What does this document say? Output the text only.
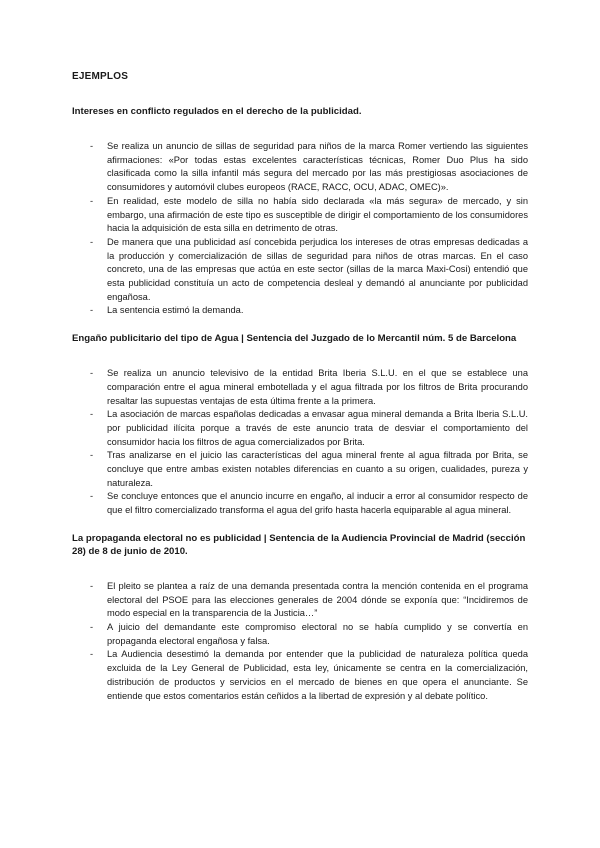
EJEMPLOS
Intereses en conflicto regulados en el derecho de la publicidad.
- Se realiza un anuncio de sillas de seguridad para niños de la marca Romer vertiendo las siguientes afirmaciones: «Por todas estas excelentes características técnicas, Romer Duo Plus ha sido clasificada como la silla infantil más segura del mercado por las más prestigiosas asociaciones de consumidores y automóvil clubes europeos (RACE, RACC, OCU, ADAC, OMEC)».
- En realidad, este modelo de silla no había sido declarada «la más segura» de mercado, y sin embargo, una afirmación de este tipo es susceptible de dirigir el comportamiento de los consumidores hacia la adquisición de esta silla en detrimento de otras.
- De manera que una publicidad así concebida perjudica los intereses de otras empresas dedicadas a la producción y comercialización de sillas de seguridad para niños de otras marcas. En el caso concreto, una de las empresas que actúa en este sector (sillas de la marca Maxi-Cosi) entendió que esta publicidad constituía un acto de competencia desleal y demandó al anunciante por publicidad engañosa.
- La sentencia estimó la demanda.
Engaño publicitario del tipo de Agua | Sentencia del Juzgado de lo Mercantil núm. 5 de Barcelona
- Se realiza un anuncio televisivo de la entidad Brita Iberia S.L.U. en el que se establece una comparación entre el agua mineral embotellada y el agua filtrada por los filtros de Brita procurando resaltar las supuestas ventajas de esta última frente a la primera.
- La asociación de marcas españolas dedicadas a envasar agua mineral demanda a Brita Iberia S.L.U. por publicidad ilícita porque a través de este anuncio trata de desviar el comportamiento del consumidor hacia los filtros de agua comercializados por Brita.
- Tras analizarse en el juicio las características del agua mineral frente al agua filtrada por Brita, se concluye que entre ambas existen notables diferencias en cuanto a su origen, cualidades, pureza y naturaleza.
- Se concluye entonces que el anuncio incurre en engaño, al inducir a error al consumidor respecto de que el filtro comercializado transforma el agua del grifo hasta hacerla equiparable al agua mineral.
La propaganda electoral no es publicidad | Sentencia de la Audiencia Provincial de Madrid (sección 28) de 8 de junio de 2010.
- El pleito se plantea a raíz de una demanda presentada contra la mención contenida en el programa electoral del PSOE para las elecciones generales de 2004 dónde se exponía que: “Incidiremos de modo especial en la transparencia de la Justicia…”
- A juicio del demandante este compromiso electoral no se había cumplido y se convertía en propaganda electoral engañosa y falsa.
- La Audiencia desestimó la demanda por entender que la publicidad de naturaleza política queda excluida de la Ley General de Publicidad, esta ley, únicamente se centra en la comercialización, distribución de productos y servicios en el mercado de bienes en que opera el anunciante. Se entiende que estos comentarios están ceñidos a la libertad de expresión y al debate político.
